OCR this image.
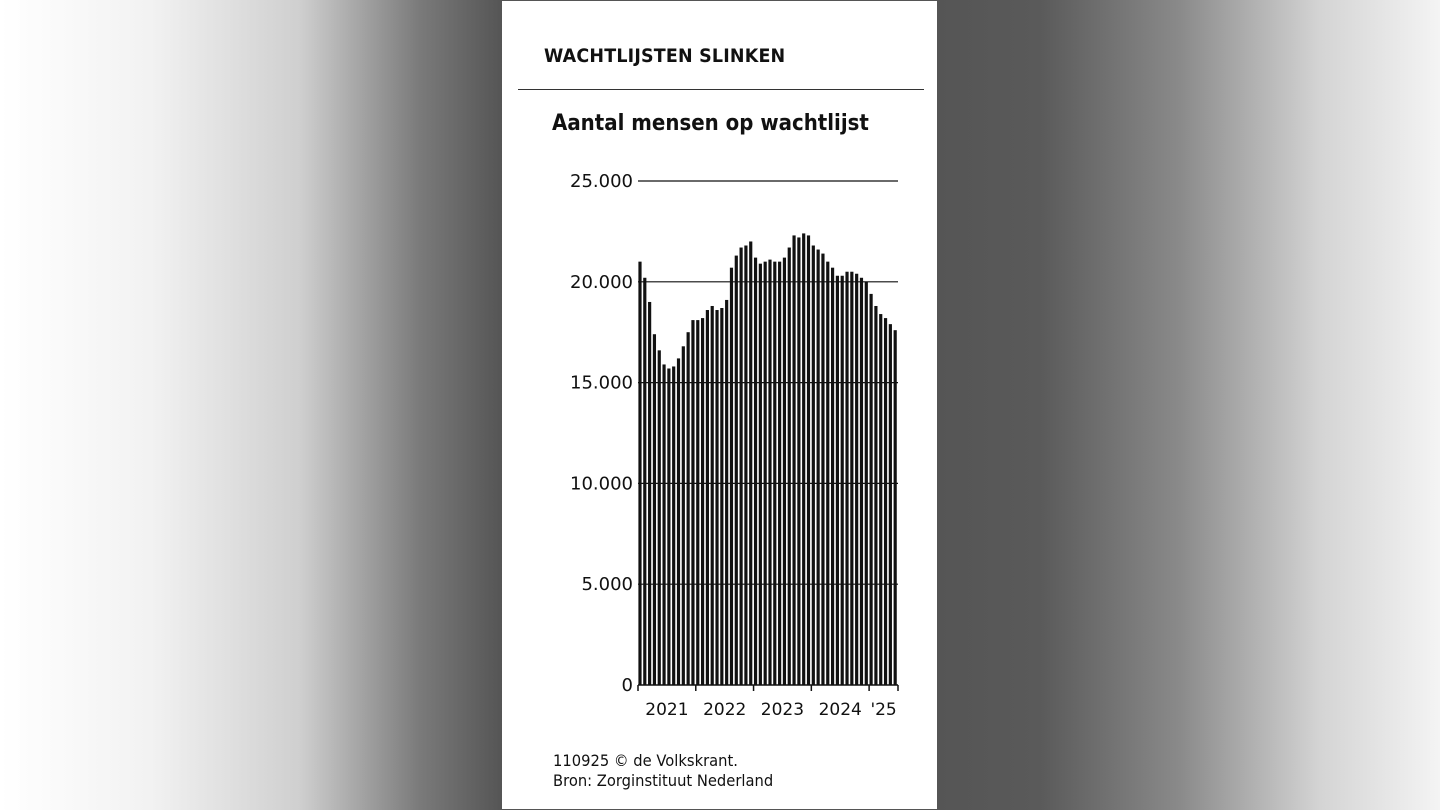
WACHTLIJSTEN SLINKEN
Aantal mensen op wachtlijst
0
5.000
10.000
15.000
20.000
25.000
2021 2022 2023 2024 '25
110925 © de Volkskrant.
Bron: Zorginstituut Nederland
